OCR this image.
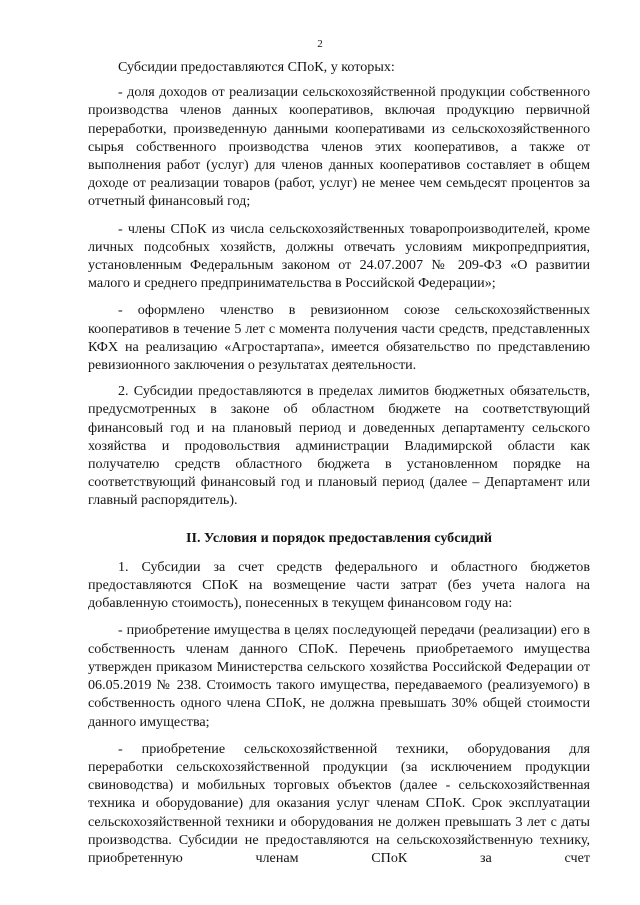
2

Субсидии предоставляются СПоК, у которых:

- доля доходов от реализации сельскохозяйственной продукции собственного производства членов данных кооперативов, включая продукцию первичной переработки, произведенную данными кооперативами из сельскохозяйственного сырья собственного производства членов этих кооперативов, а также от выполнения работ (услуг) для членов данных кооперативов составляет в общем доходе от реализации товаров (работ, услуг) не менее чем семьдесят процентов за отчетный финансовый год;

- члены СПоК из числа сельскохозяйственных товаропроизводителей, кроме личных подсобных хозяйств, должны отвечать условиям микропредприятия, установленным Федеральным законом от 24.07.2007 № 209-ФЗ «О развитии малого и среднего предпринимательства в Российской Федерации»;

- оформлено членство в ревизионном союзе сельскохозяйственных кооперативов в течение 5 лет с момента получения части средств, представленных КФХ на реализацию «Агростартапа», имеется обязательство по представлению ревизионного заключения о результатах деятельности.

2. Субсидии предоставляются в пределах лимитов бюджетных обязательств, предусмотренных в законе об областном бюджете на соответствующий финансовый год и на плановый период и доведенных департаменту сельского хозяйства и продовольствия администрации Владимирской области как получателю средств областного бюджета в установленном порядке на соответствующий финансовый год и плановый период (далее – Департамент или главный распорядитель).

II. Условия и порядок предоставления субсидий

1. Субсидии за счет средств федерального и областного бюджетов предоставляются СПоК на возмещение части затрат (без учета налога на добавленную стоимость), понесенных в текущем финансовом году на:

- приобретение имущества в целях последующей передачи (реализации) его в собственность членам данного СПоК. Перечень приобретаемого имущества утвержден приказом Министерства сельского хозяйства Российской Федерации от 06.05.2019 № 238. Стоимость такого имущества, передаваемого (реализуемого) в собственность одного члена СПоК, не должна превышать 30% общей стоимости данного имущества;

- приобретение сельскохозяйственной техники, оборудования для переработки сельскохозяйственной продукции (за исключением продукции свиноводства) и мобильных торговых объектов (далее - сельскохозяйственная техника и оборудование) для оказания услуг членам СПоК. Срок эксплуатации сельскохозяйственной техники и оборудования не должен превышать 3 лет с даты производства. Субсидии не предоставляются на сельскохозяйственную технику, приобретенную членам СПоК за счет
